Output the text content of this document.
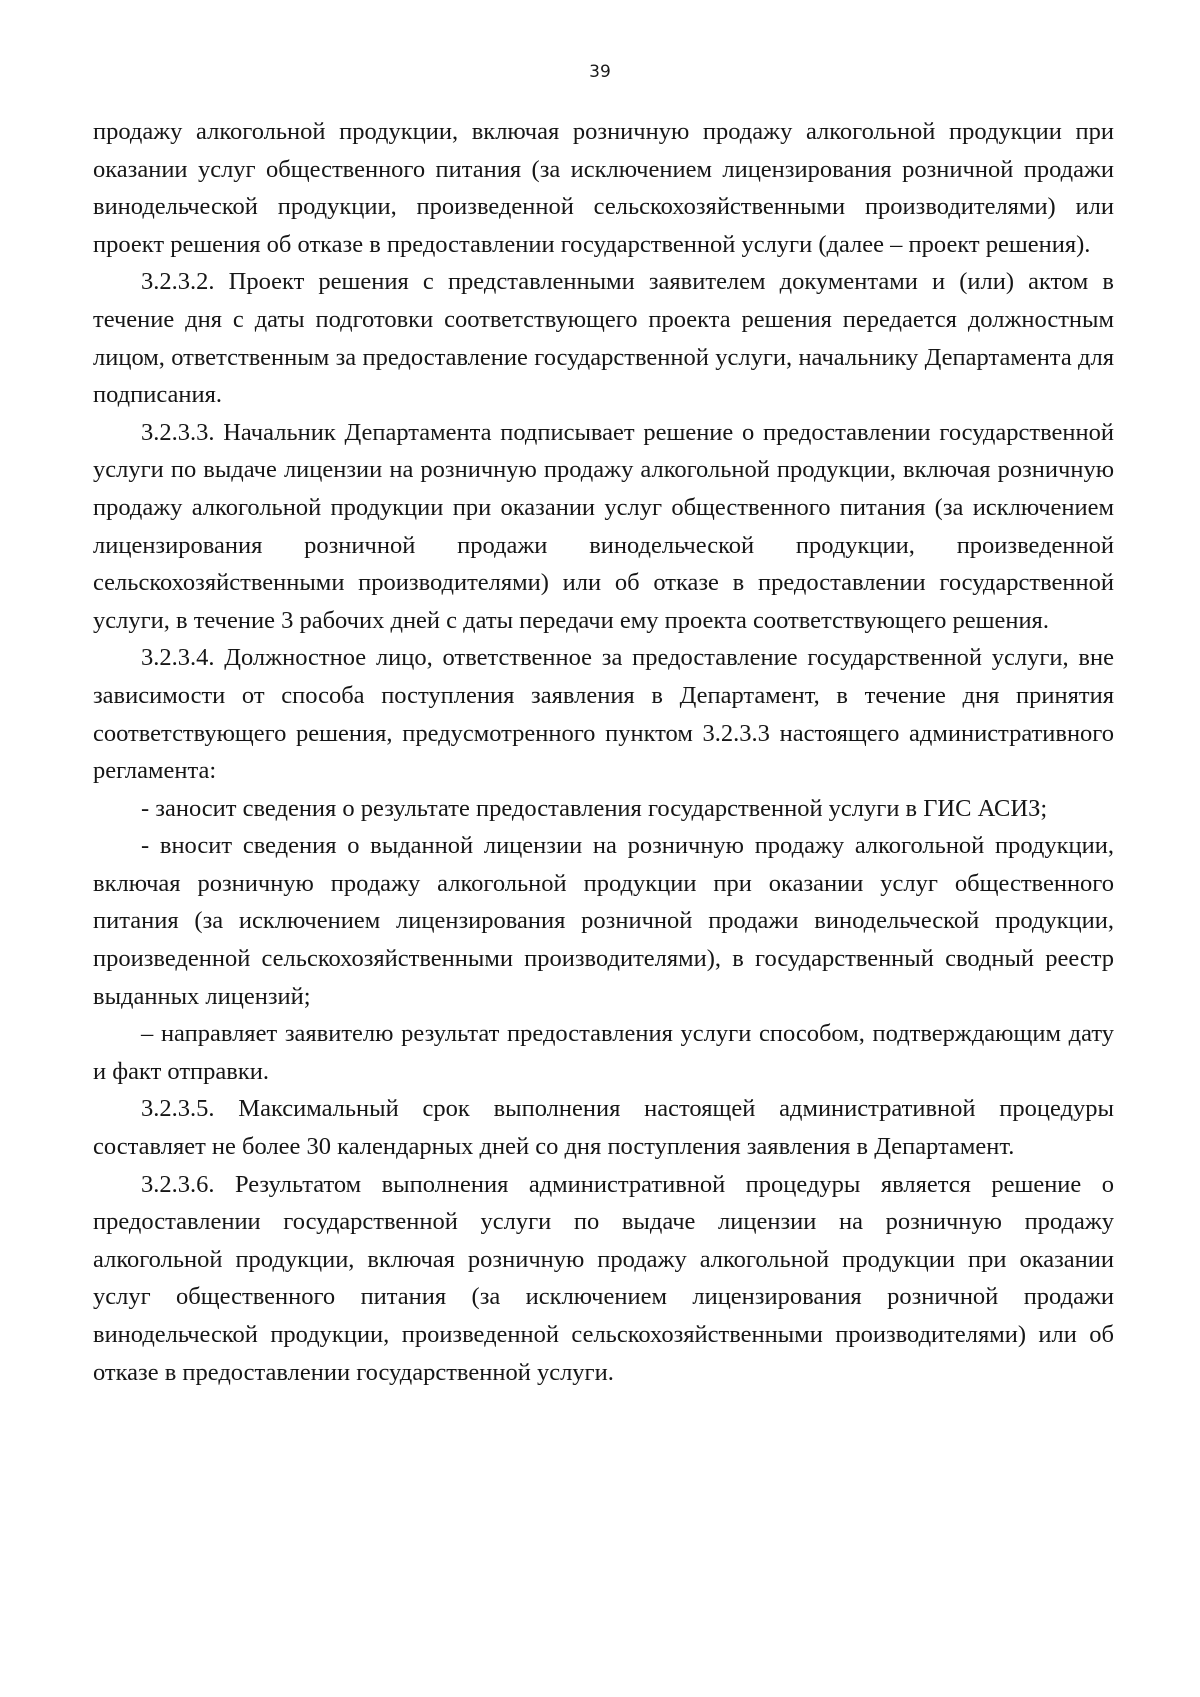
39

продажу алкогольной продукции, включая розничную продажу алкогольной продукции при оказании услуг общественного питания (за исключением лицензирования розничной продажи винодельческой продукции, произведенной сельскохозяйственными производителями) или проект решения об отказе в предоставлении государственной услуги (далее – проект решения).

3.2.3.2. Проект решения с представленными заявителем документами и (или) актом в течение дня с даты подготовки соответствующего проекта решения передается должностным лицом, ответственным за предоставление государственной услуги, начальнику Департамента для подписания.

3.2.3.3. Начальник Департамента подписывает решение о предоставлении государственной услуги по выдаче лицензии на розничную продажу алкогольной продукции, включая розничную продажу алкогольной продукции при оказании услуг общественного питания (за исключением лицензирования розничной продажи винодельческой продукции, произведенной сельскохозяйственными производителями) или об отказе в предоставлении государственной услуги, в течение 3 рабочих дней с даты передачи ему проекта соответствующего решения.

3.2.3.4. Должностное лицо, ответственное за предоставление государственной услуги, вне зависимости от способа поступления заявления в Департамент, в течение дня принятия соответствующего решения, предусмотренного пунктом 3.2.3.3 настоящего административного регламента:

- заносит сведения о результате предоставления государственной услуги в ГИС АСИЗ;

- вносит сведения о выданной лицензии на розничную продажу алкогольной продукции, включая розничную продажу алкогольной продукции при оказании услуг общественного питания (за исключением лицензирования розничной продажи винодельческой продукции, произведенной сельскохозяйственными производителями), в государственный сводный реестр выданных лицензий;

– направляет заявителю результат предоставления услуги способом, подтверждающим дату и факт отправки.

3.2.3.5. Максимальный срок выполнения настоящей административной процедуры составляет не более 30 календарных дней со дня поступления заявления в Департамент.

3.2.3.6. Результатом выполнения административной процедуры является решение о предоставлении государственной услуги по выдаче лицензии на розничную продажу алкогольной продукции, включая розничную продажу алкогольной продукции при оказании услуг общественного питания (за исключением лицензирования розничной продажи винодельческой продукции, произведенной сельскохозяйственными производителями) или об отказе в предоставлении государственной услуги.
